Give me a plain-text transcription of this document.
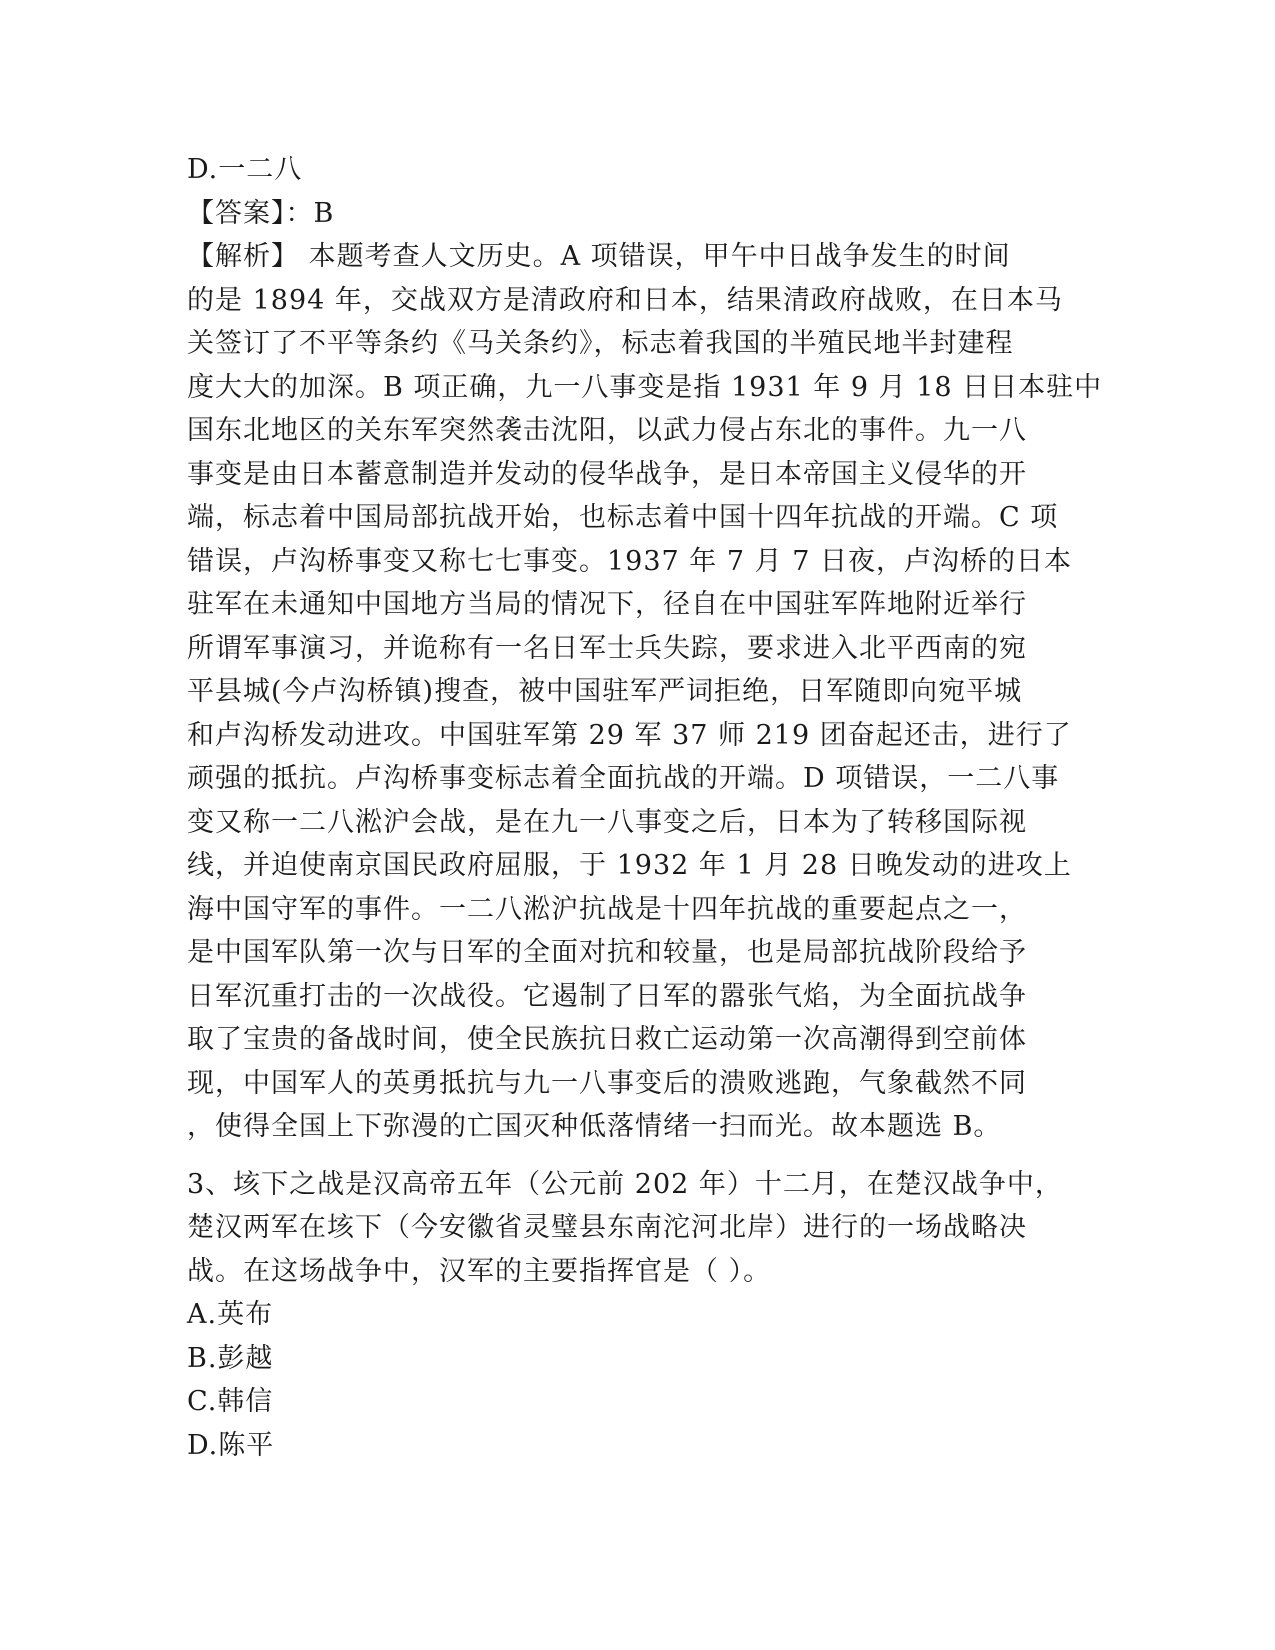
D.一二八
【答案】：B
【解析】 本题考查人文历史。A 项错误，甲午中日战争发生的时间
的是 1894 年，交战双方是清政府和日本，结果清政府战败，在日本马
关签订了不平等条约《马关条约》，标志着我国的半殖民地半封建程
度大大的加深。B 项正确，九一八事变是指 1931 年 9 月 18 日日本驻中
国东北地区的关东军突然袭击沈阳，以武力侵占东北的事件。九一八
事变是由日本蓄意制造并发动的侵华战争，是日本帝国主义侵华的开
端，标志着中国局部抗战开始，也标志着中国十四年抗战的开端。C 项
错误，卢沟桥事变又称七七事变。1937 年 7 月 7 日夜，卢沟桥的日本
驻军在未通知中国地方当局的情况下，径自在中国驻军阵地附近举行
所谓军事演习，并诡称有一名日军士兵失踪，要求进入北平西南的宛
平县城(今卢沟桥镇)搜查，被中国驻军严词拒绝，日军随即向宛平城
和卢沟桥发动进攻。中国驻军第 29 军 37 师 219 团奋起还击，进行了
顽强的抵抗。卢沟桥事变标志着全面抗战的开端。D 项错误，一二八事
变又称一二八淞沪会战，是在九一八事变之后，日本为了转移国际视
线，并迫使南京国民政府屈服，于 1932 年 1 月 28 日晚发动的进攻上
海中国守军的事件。一二八淞沪抗战是十四年抗战的重要起点之一，
是中国军队第一次与日军的全面对抗和较量，也是局部抗战阶段给予
日军沉重打击的一次战役。它遏制了日军的嚣张气焰，为全面抗战争
取了宝贵的备战时间，使全民族抗日救亡运动第一次高潮得到空前体
现，中国军人的英勇抵抗与九一八事变后的溃败逃跑，气象截然不同
，使得全国上下弥漫的亡国灭种低落情绪一扫而光。故本题选 B。
3、垓下之战是汉高帝五年（公元前 202 年）十二月，在楚汉战争中，
楚汉两军在垓下（今安徽省灵璧县东南沱河北岸）进行的一场战略决
战。在这场战争中，汉军的主要指挥官是（ ）。
A.英布
B.彭越
C.韩信
D.陈平
